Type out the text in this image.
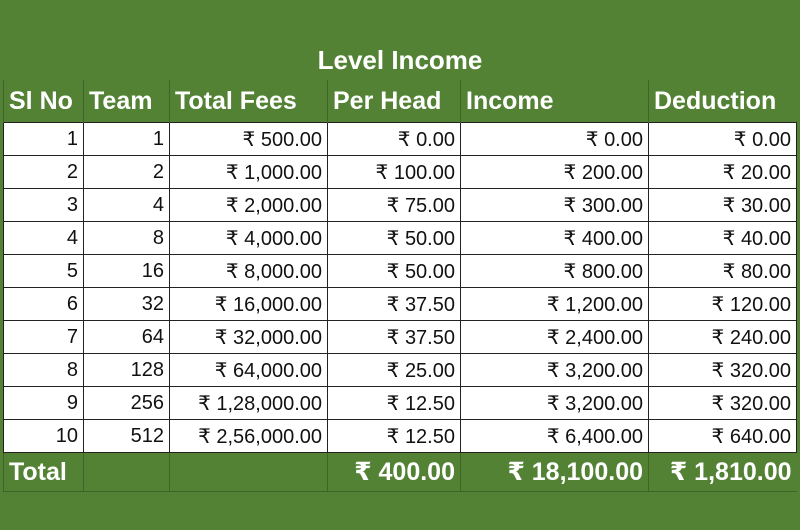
Level Income
Sl No	Team	Total Fees	Per Head	Income	Deduction
1	1	₹ 500.00	₹ 0.00	₹ 0.00	₹ 0.00
2	2	₹ 1,000.00	₹ 100.00	₹ 200.00	₹ 20.00
3	4	₹ 2,000.00	₹ 75.00	₹ 300.00	₹ 30.00
4	8	₹ 4,000.00	₹ 50.00	₹ 400.00	₹ 40.00
5	16	₹ 8,000.00	₹ 50.00	₹ 800.00	₹ 80.00
6	32	₹ 16,000.00	₹ 37.50	₹ 1,200.00	₹ 120.00
7	64	₹ 32,000.00	₹ 37.50	₹ 2,400.00	₹ 240.00
8	128	₹ 64,000.00	₹ 25.00	₹ 3,200.00	₹ 320.00
9	256	₹ 1,28,000.00	₹ 12.50	₹ 3,200.00	₹ 320.00
10	512	₹ 2,56,000.00	₹ 12.50	₹ 6,400.00	₹ 640.00
Total			₹ 400.00	₹ 18,100.00	₹ 1,810.00
